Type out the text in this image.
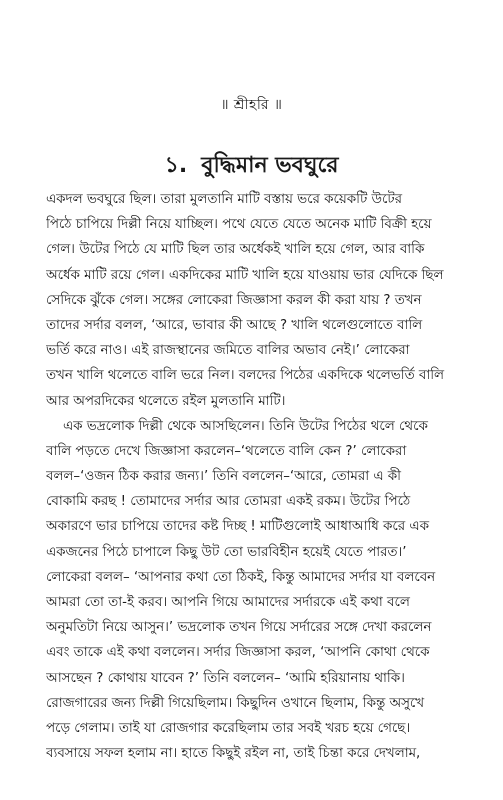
॥ শ্রীহরি ॥
১. বুদ্ধিমান ভবঘুরে
একদল ভবঘুরে ছিল। তারা মুলতানি মাটি বস্তায় ভরে কয়েকটি উটের
পিঠে চাপিয়ে দিল্লী নিয়ে যাচ্ছিল। পথে যেতে যেতে অনেক মাটি বিক্রী হয়ে
গেল। উটের পিঠে যে মাটি ছিল তার অর্ধেকই খালি হয়ে গেল, আর বাকি
অর্ধেক মাটি রয়ে গেল। একদিকের মাটি খালি হয়ে যাওয়ায় ভার যেদিকে ছিল
সেদিকে ঝুঁকে গেল। সঙ্গের লোকেরা জিজ্ঞাসা করল কী করা যায় ? তখন
তাদের সর্দার বলল, ‘আরে, ভাবার কী আছে ? খালি থলেগুলোতে বালি
ভর্তি করে নাও। এই রাজস্থানের জমিতে বালির অভাব নেই।’ লোকেরা
তখন খালি থলেতে বালি ভরে নিল। বলদের পিঠের একদিকে থলেভর্তি বালি
আর অপরদিকের থলেতে রইল মুলতানি মাটি।
এক ভদ্রলোক দিল্লী থেকে আসছিলেন। তিনি উটের পিঠের থলে থেকে
বালি পড়তে দেখে জিজ্ঞাসা করলেন–‘থলেতে বালি কেন ?’ লোকেরা
বলল–‘ওজন ঠিক করার জন্য।’ তিনি বললেন–‘আরে, তোমরা এ কী
বোকামি করছ ! তোমাদের সর্দার আর তোমরা একই রকম। উটের পিঠে
অকারণে ভার চাপিয়ে তাদের কষ্ট দিচ্ছ ! মাটিগুলোই আধাআধি করে এক
একজনের পিঠে চাপালে কিছু উট তো ভারবিহীন হয়েই যেতে পারত।’
লোকেরা বলল– ‘আপনার কথা তো ঠিকই, কিন্তু আমাদের সর্দার যা বলবেন
আমরা তো তা-ই করব। আপনি গিয়ে আমাদের সর্দারকে এই কথা বলে
অনুমতিটা নিয়ে আসুন।’ ভদ্রলোক তখন গিয়ে সর্দারের সঙ্গে দেখা করলেন
এবং তাকে এই কথা বললেন। সর্দার জিজ্ঞাসা করল, ‘আপনি কোথা থেকে
আসছেন ? কোথায় যাবেন ?’ তিনি বললেন– ‘আমি হরিয়ানায় থাকি।
রোজগারের জন্য দিল্লী গিয়েছিলাম। কিছুদিন ওখানে ছিলাম, কিন্তু অসুখে
পড়ে গেলাম। তাই যা রোজগার করেছিলাম তার সবই খরচ হয়ে গেছে।
ব্যবসায়ে সফল হলাম না। হাতে কিছুই রইল না, তাই চিন্তা করে দেখলাম,
